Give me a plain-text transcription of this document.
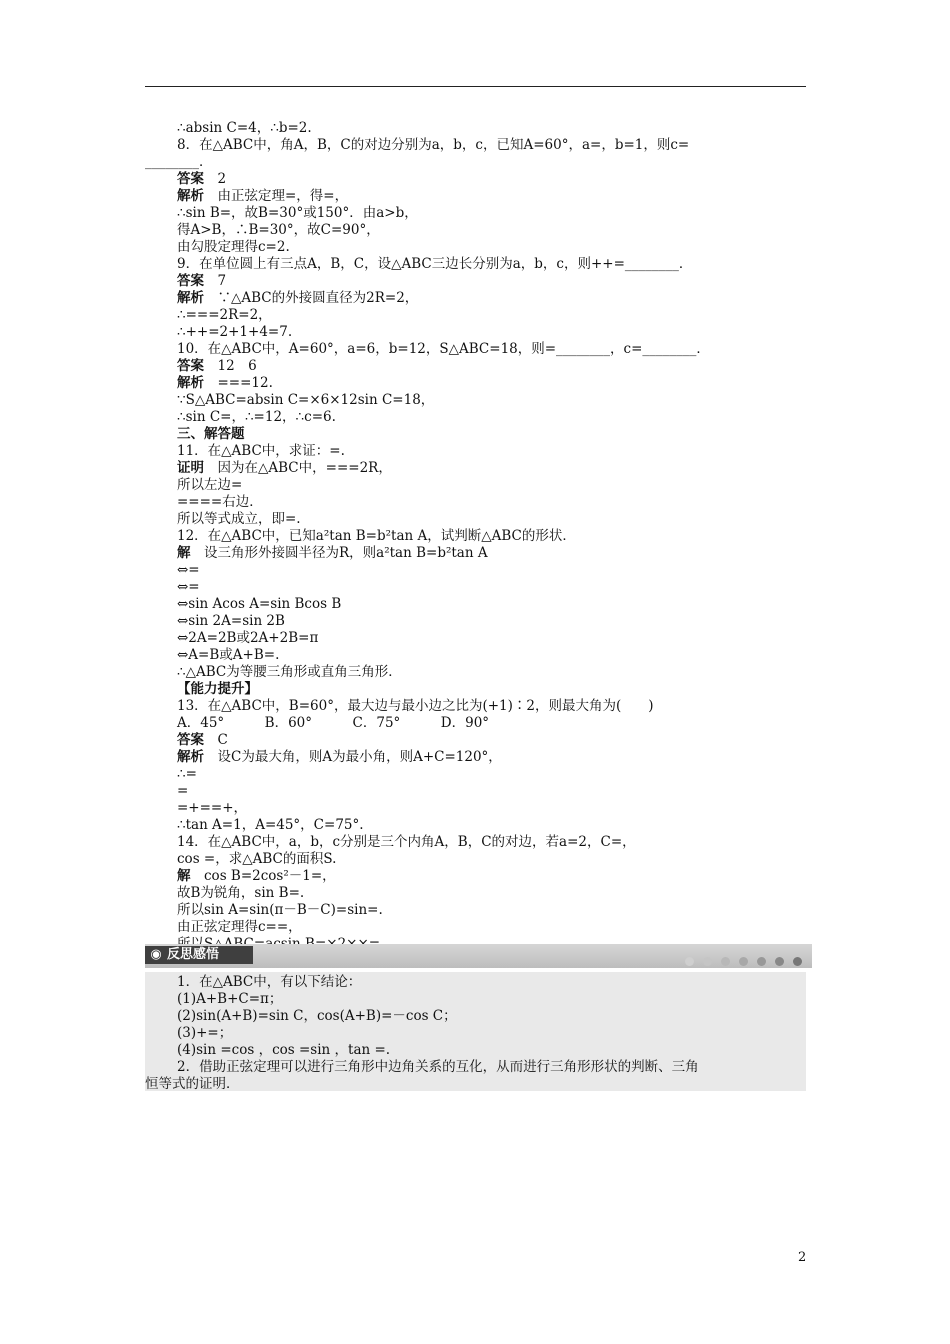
∴absin C=4，∴b=2.
8．在△ABC中，角A，B，C的对边分别为a，b，c，已知A=60°，a=，b=1，则c=
________．
答案　2
解析　由正弦定理=，得=，
∴sin B=，故B=30°或150°．由a>b，
得A>B，∴B=30°，故C=90°，
由勾股定理得c=2.
9．在单位圆上有三点A，B，C，设△ABC三边长分别为a，b，c，则++=________．
答案　7
解析　∵△ABC的外接圆直径为2R=2，
∴===2R=2，
∴++=2+1+4=7.
10．在△ABC中，A=60°，a=6，b=12，S△ABC=18，则=________，c=________．
答案　12　6
解析　===12.
∵S△ABC=absin C=×6×12sin C=18，
∴sin C=，∴=12，∴c=6.
三、解答题
11．在△ABC中，求证：=.
证明　因为在△ABC中，===2R，
所以左边=
====右边．
所以等式成立，即=.
12．在△ABC中，已知a²tan B=b²tan A，试判断△ABC的形状．
解　设三角形外接圆半径为R，则a²tan B=b²tan A
⇔=
⇔=
⇔sin Acos A=sin Bcos B
⇔sin 2A=sin 2B
⇔2A=2B或2A+2B=π
⇔A=B或A+B=.
∴△ABC为等腰三角形或直角三角形．
【能力提升】
13．在△ABC中，B=60°，最大边与最小边之比为(+1)∶2，则最大角为(　　)
A．45°　　　B．60°　　　C．75°　　　D．90°
答案　C
解析　设C为最大角，则A为最小角，则A+C=120°，
∴=
=
=+==+，
∴tan A=1，A=45°，C=75°.
14．在△ABC中，a，b，c分别是三个内角A，B，C的对边，若a=2，C=，
cos =，求△ABC的面积S.
解　cos B=2cos²－1=，
故B为锐角，sin B=.
所以sin A=sin(π－B－C)=sin=.
由正弦定理得c==，
◉ 反思感悟
1．在△ABC中，有以下结论：
(1)A+B+C=π；
(2)sin(A+B)=sin C，cos(A+B)=－cos C；
(3)+=；
(4)sin =cos ，cos =sin ，tan =.
2．借助正弦定理可以进行三角形中边角关系的互化，从而进行三角形形状的判断、三角
恒等式的证明．
2
